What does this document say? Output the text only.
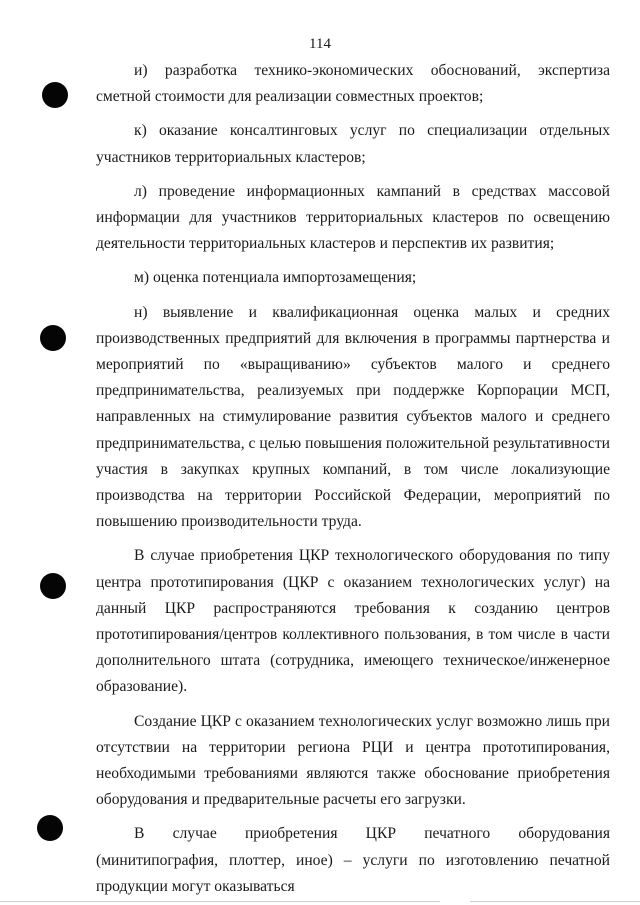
114

и) разработка технико-экономических обоснований, экспертиза сметной стоимости для реализации совместных проектов;

к) оказание консалтинговых услуг по специализации отдельных участников территориальных кластеров;

л) проведение информационных кампаний в средствах массовой информации для участников территориальных кластеров по освещению деятельности территориальных кластеров и перспектив их развития;

м) оценка потенциала импортозамещения;

н) выявление и квалификационная оценка малых и средних производственных предприятий для включения в программы партнерства и мероприятий по «выращиванию» субъектов малого и среднего предпринимательства, реализуемых при поддержке Корпорации МСП, направленных на стимулирование развития субъектов малого и среднего предпринимательства, с целью повышения положительной результативности участия в закупках крупных компаний, в том числе локализующие производства на территории Российской Федерации, мероприятий по повышению производительности труда.

В случае приобретения ЦКР технологического оборудования по типу центра прототипирования (ЦКР с оказанием технологических услуг) на данный ЦКР распространяются требования к созданию центров прототипирования/центров коллективного пользования, в том числе в части дополнительного штата (сотрудника, имеющего техническое/инженерное образование).

Создание ЦКР с оказанием технологических услуг возможно лишь при отсутствии на территории региона РЦИ и центра прототипирования, необходимыми требованиями являются также обоснование приобретения оборудования и предварительные расчеты его загрузки.

В случае приобретения ЦКР печатного оборудования (минитипография, плоттер, иное) – услуги по изготовлению печатной продукции могут оказываться
